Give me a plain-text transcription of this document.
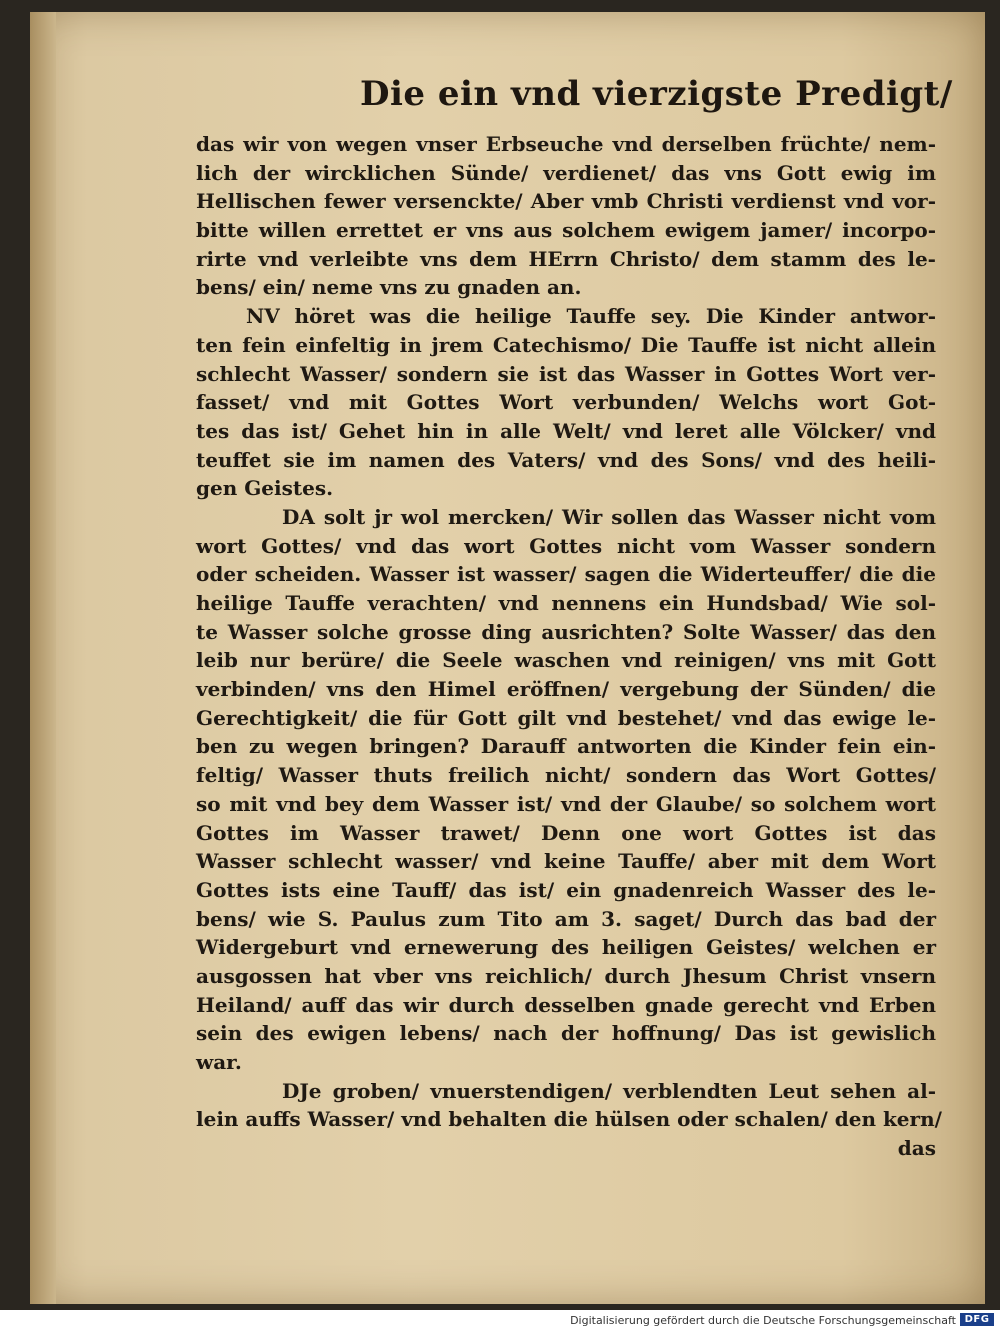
Die ein vnd vierzigste Predigt/
das wir von wegen vnser Erbseuche vnd derselben früchte/ nem-
lich der wircklichen Sünde/ verdienet/ das vns Gott ewig im
Hellischen fewer versenckte/ Aber vmb Christi verdienst vnd vor-
bitte willen errettet er vns aus solchem ewigem jamer/ incorpo-
rirte vnd verleibte vns dem HErrn Christo/ dem stamm des le-
bens/ ein/ neme vns zu gnaden an.
NV höret was die heilige Tauffe sey. Die Kinder antwor-
ten fein einfeltig in jrem Catechismo/ Die Tauffe ist nicht allein
schlecht Wasser/ sondern sie ist das Wasser in Gottes Wort ver-
fasset/ vnd mit Gottes Wort verbunden/ Welchs wort Got-
tes das ist/ Gehet hin in alle Welt/ vnd leret alle Völcker/ vnd
teuffet sie im namen des Vaters/ vnd des Sons/ vnd des heili-
gen Geistes.
DA solt jr wol mercken/ Wir sollen das Wasser nicht vom
wort Gottes/ vnd das wort Gottes nicht vom Wasser sondern
oder scheiden. Wasser ist wasser/ sagen die Widerteuffer/ die die
heilige Tauffe verachten/ vnd nennens ein Hundsbad/ Wie sol-
te Wasser solche grosse ding ausrichten? Solte Wasser/ das den
leib nur berüre/ die Seele waschen vnd reinigen/ vns mit Gott
verbinden/ vns den Himel eröffnen/ vergebung der Sünden/ die
Gerechtigkeit/ die für Gott gilt vnd bestehet/ vnd das ewige le-
ben zu wegen bringen? Darauff antworten die Kinder fein ein-
feltig/ Wasser thuts freilich nicht/ sondern das Wort Gottes/
so mit vnd bey dem Wasser ist/ vnd der Glaube/ so solchem wort
Gottes im Wasser trawet/ Denn one wort Gottes ist das
Wasser schlecht wasser/ vnd keine Tauffe/ aber mit dem Wort
Gottes ists eine Tauff/ das ist/ ein gnadenreich Wasser des le-
bens/ wie S. Paulus zum Tito am 3. saget/ Durch das bad der
Widergeburt vnd ernewerung des heiligen Geistes/ welchen er
ausgossen hat vber vns reichlich/ durch Jhesum Christ vnsern
Heiland/ auff das wir durch desselben gnade gerecht vnd Erben
sein des ewigen lebens/ nach der hoffnung/ Das ist gewislich
war.
DJe groben/ vnuerstendigen/ verblendten Leut sehen al-
lein auffs Wasser/ vnd behalten die hülsen oder schalen/ den kern/
das
Digitalisierung gefördert durch die Deutsche Forschungsgemeinschaft DFG
